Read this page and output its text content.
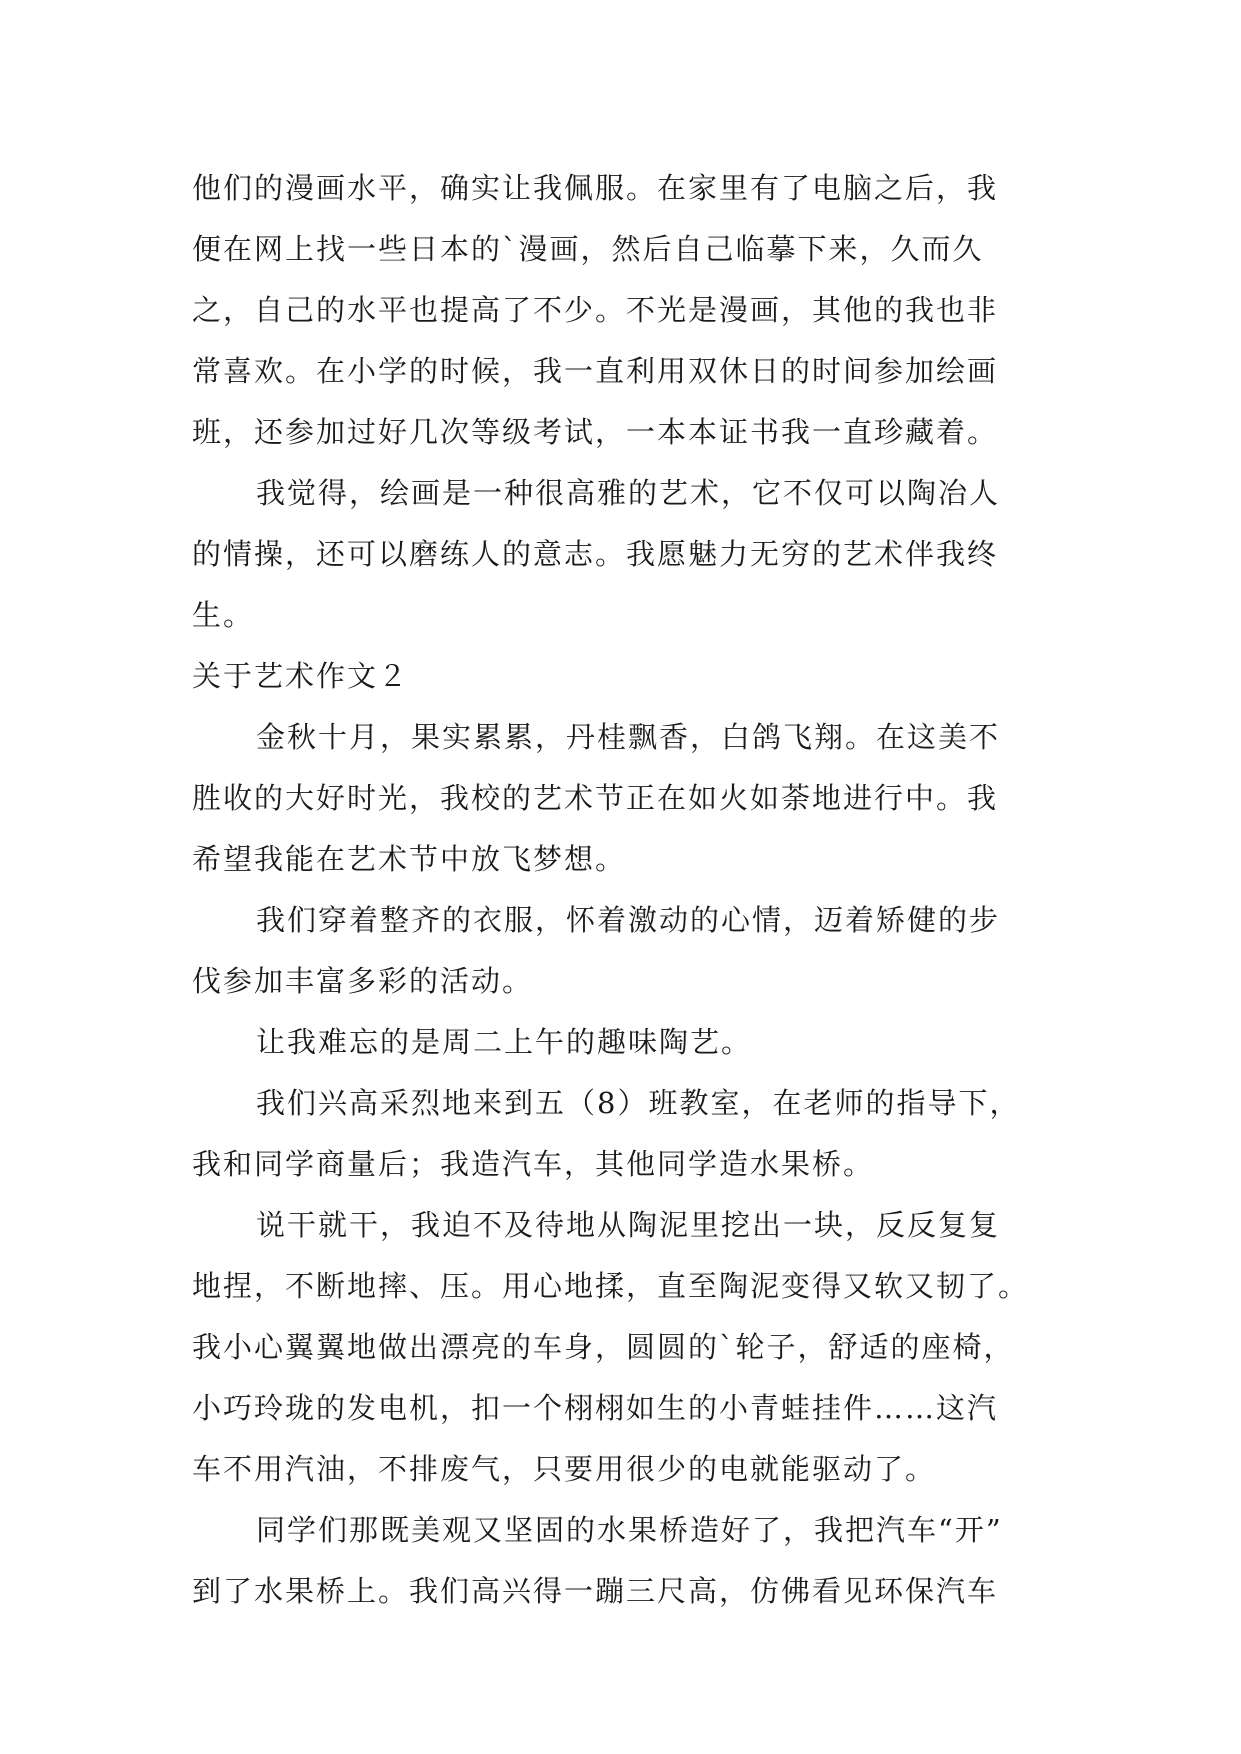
他们的漫画水平，确实让我佩服。在家里有了电脑之后，我
便在网上找一些日本的`漫画，然后自己临摹下来，久而久
之，自己的水平也提高了不少。不光是漫画，其他的我也非
常喜欢。在小学的时候，我一直利用双休日的时间参加绘画
班，还参加过好几次等级考试，一本本证书我一直珍藏着。
我觉得，绘画是一种很高雅的艺术，它不仅可以陶冶人
的情操，还可以磨练人的意志。我愿魅力无穷的艺术伴我终
生。
关于艺术作文２
金秋十月，果实累累，丹桂飘香，白鸽飞翔。在这美不
胜收的大好时光，我校的艺术节正在如火如荼地进行中。我
希望我能在艺术节中放飞梦想。
我们穿着整齐的衣服，怀着激动的心情，迈着矫健的步
伐参加丰富多彩的活动。
让我难忘的是周二上午的趣味陶艺。
我们兴高采烈地来到五（8）班教室，在老师的指导下，
我和同学商量后；我造汽车，其他同学造水果桥。
说干就干，我迫不及待地从陶泥里挖出一块，反反复复
地捏，不断地摔、压。用心地揉，直至陶泥变得又软又韧了。
我小心翼翼地做出漂亮的车身，圆圆的`轮子，舒适的座椅，
小巧玲珑的发电机，扣一个栩栩如生的小青蛙挂件……这汽
车不用汽油，不排废气，只要用很少的电就能驱动了。
同学们那既美观又坚固的水果桥造好了，我把汽车“开”
到了水果桥上。我们高兴得一蹦三尺高，仿佛看见环保汽车
